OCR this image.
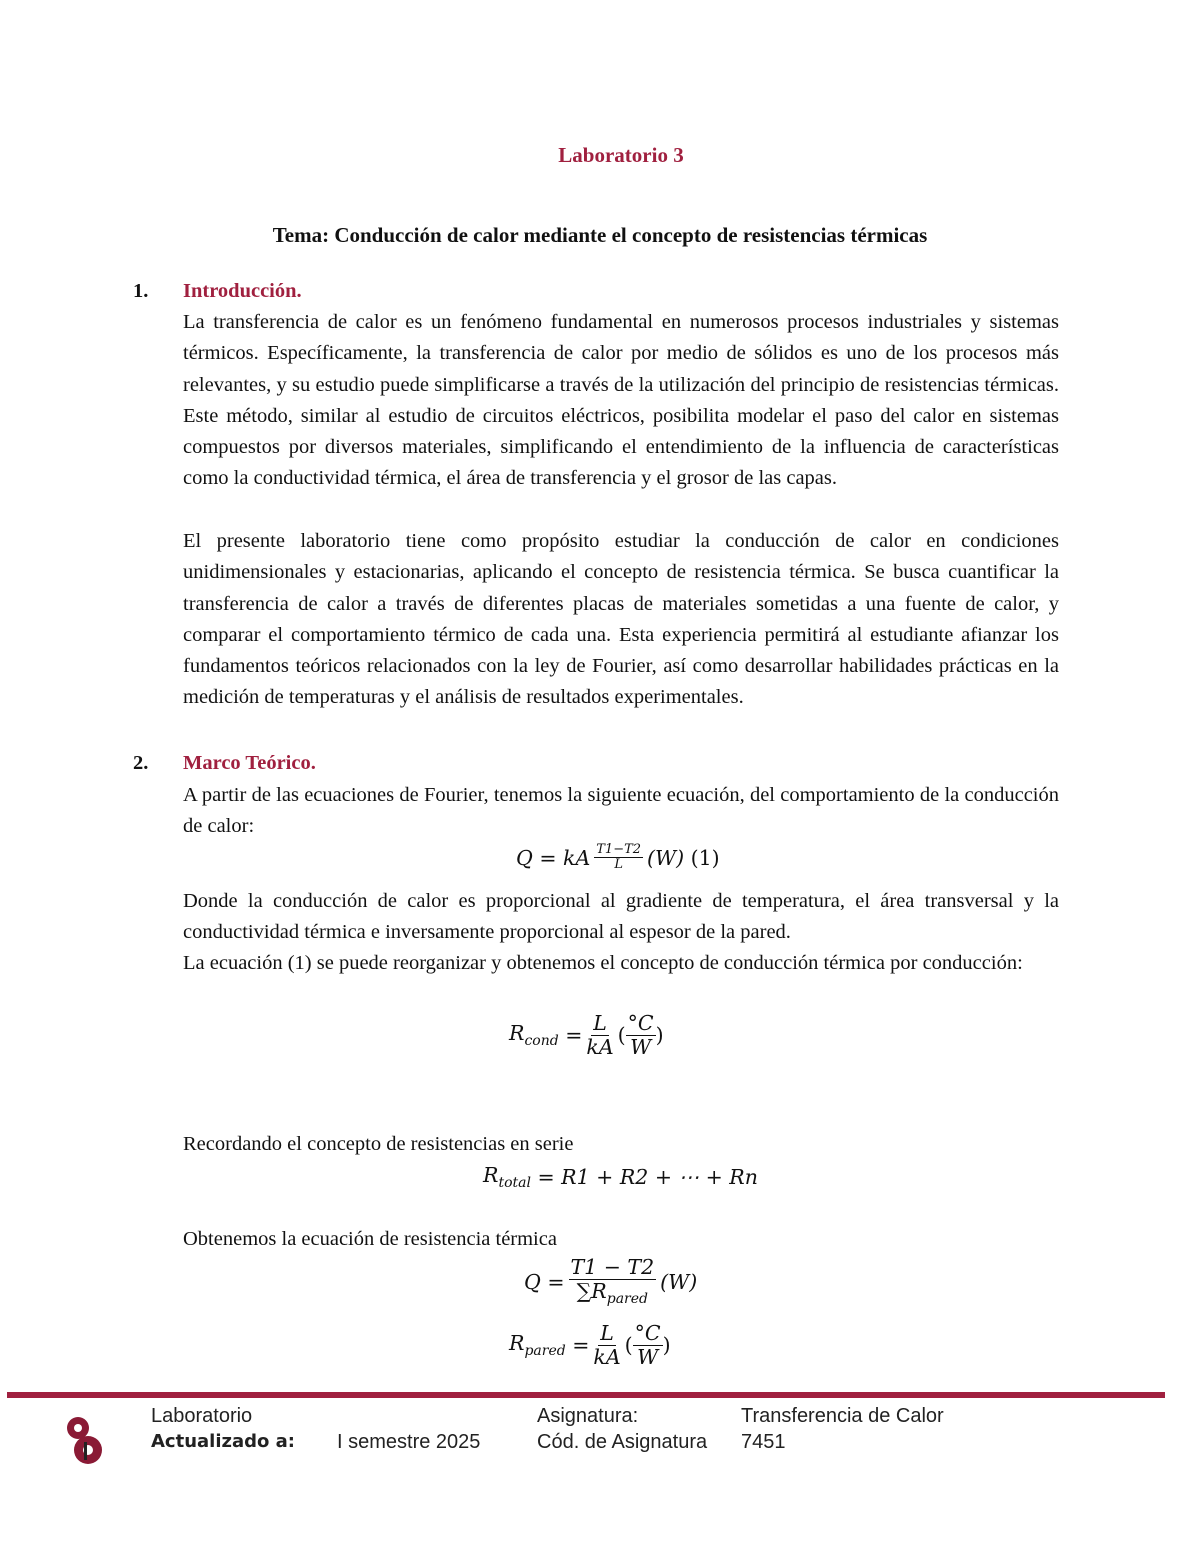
Laboratorio 3
Tema: Conducción de calor mediante el concepto de resistencias térmicas
1. Introducción.
La transferencia de calor es un fenómeno fundamental en numerosos procesos industriales y sistemas térmicos. Específicamente, la transferencia de calor por medio de sólidos es uno de los procesos más relevantes, y su estudio puede simplificarse a través de la utilización del principio de resistencias térmicas. Este método, similar al estudio de circuitos eléctricos, posibilita modelar el paso del calor en sistemas compuestos por diversos materiales, simplificando el entendimiento de la influencia de características como la conductividad térmica, el área de transferencia y el grosor de las capas.
El presente laboratorio tiene como propósito estudiar la conducción de calor en condiciones unidimensionales y estacionarias, aplicando el concepto de resistencia térmica. Se busca cuantificar la transferencia de calor a través de diferentes placas de materiales sometidas a una fuente de calor, y comparar el comportamiento térmico de cada una. Esta experiencia permitirá al estudiante afianzar los fundamentos teóricos relacionados con la ley de Fourier, así como desarrollar habilidades prácticas en la medición de temperaturas y el análisis de resultados experimentales.
2. Marco Teórico.
A partir de las ecuaciones de Fourier, tenemos la siguiente ecuación, del comportamiento de la conducción de calor:
Q = kA $\frac{T1-T2}{L} (W)$
(1)
Donde la conducción de calor es proporcional al gradiente de temperatura, el área transversal y la conductividad térmica e inversamente proporcional al espesor de la pared.
La ecuación (1) se puede reorganizar y obtenemos el concepto de conducción térmica por conducción:
$R_{cond}$
= $\frac{L}{kA}$ ( $\frac{^\circ C}{W}$ )
Recordando el concepto de resistencias en serie
$R_{total}$
= R1 + R2 + ⋯ + Rn
Obtenemos la ecuación de resistencia térmica
$Q = \frac{T1 - T2}{\sum R_{pared}} (W)$
$R_{pared}$
= $\frac{L}{kA}$ ( $\frac{^\circ C}{W}$ )
Laboratorio
Actualizado a: I semestre 2025
Asignatura:	Transferencia de Calor
Cód. de Asignatura 7451
